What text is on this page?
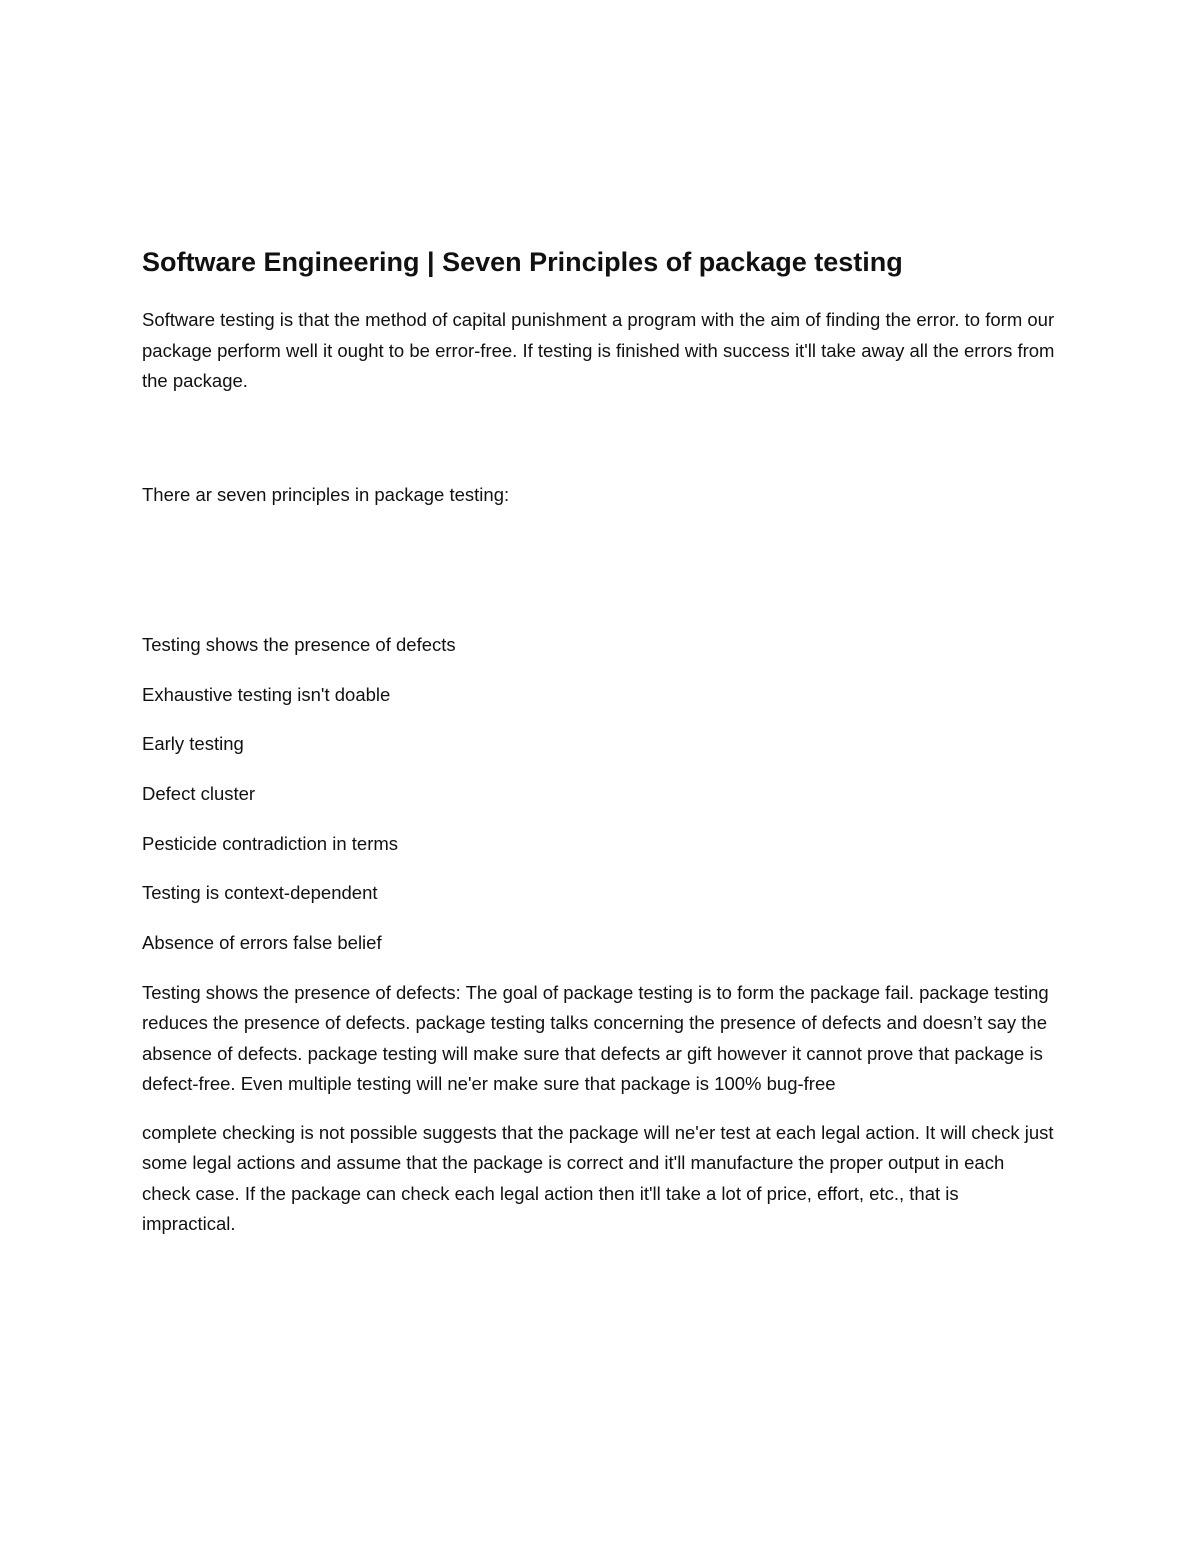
Software Engineering | Seven Principles of package testing

Software testing is that the method of capital punishment a program with the aim of finding the error. to form our package perform well it ought to be error-free. If testing is finished with success it'll take away all the errors from the package.

There ar seven principles in package testing:

Testing shows the presence of defects
Exhaustive testing isn't doable
Early testing
Defect cluster
Pesticide contradiction in terms
Testing is context-dependent
Absence of errors false belief

Testing shows the presence of defects: The goal of package testing is to form the package fail. package testing reduces the presence of defects. package testing talks concerning the presence of defects and doesn’t say the absence of defects. package testing will make sure that defects ar gift however it cannot prove that package is defect-free. Even multiple testing will ne'er make sure that package is 100% bug-free

complete checking is not possible suggests that the package will ne'er test at each legal action. It will check just some legal actions and assume that the package is correct and it'll manufacture the proper output in each check case. If the package can check each legal action then it'll take a lot of price, effort, etc., that is impractical.
